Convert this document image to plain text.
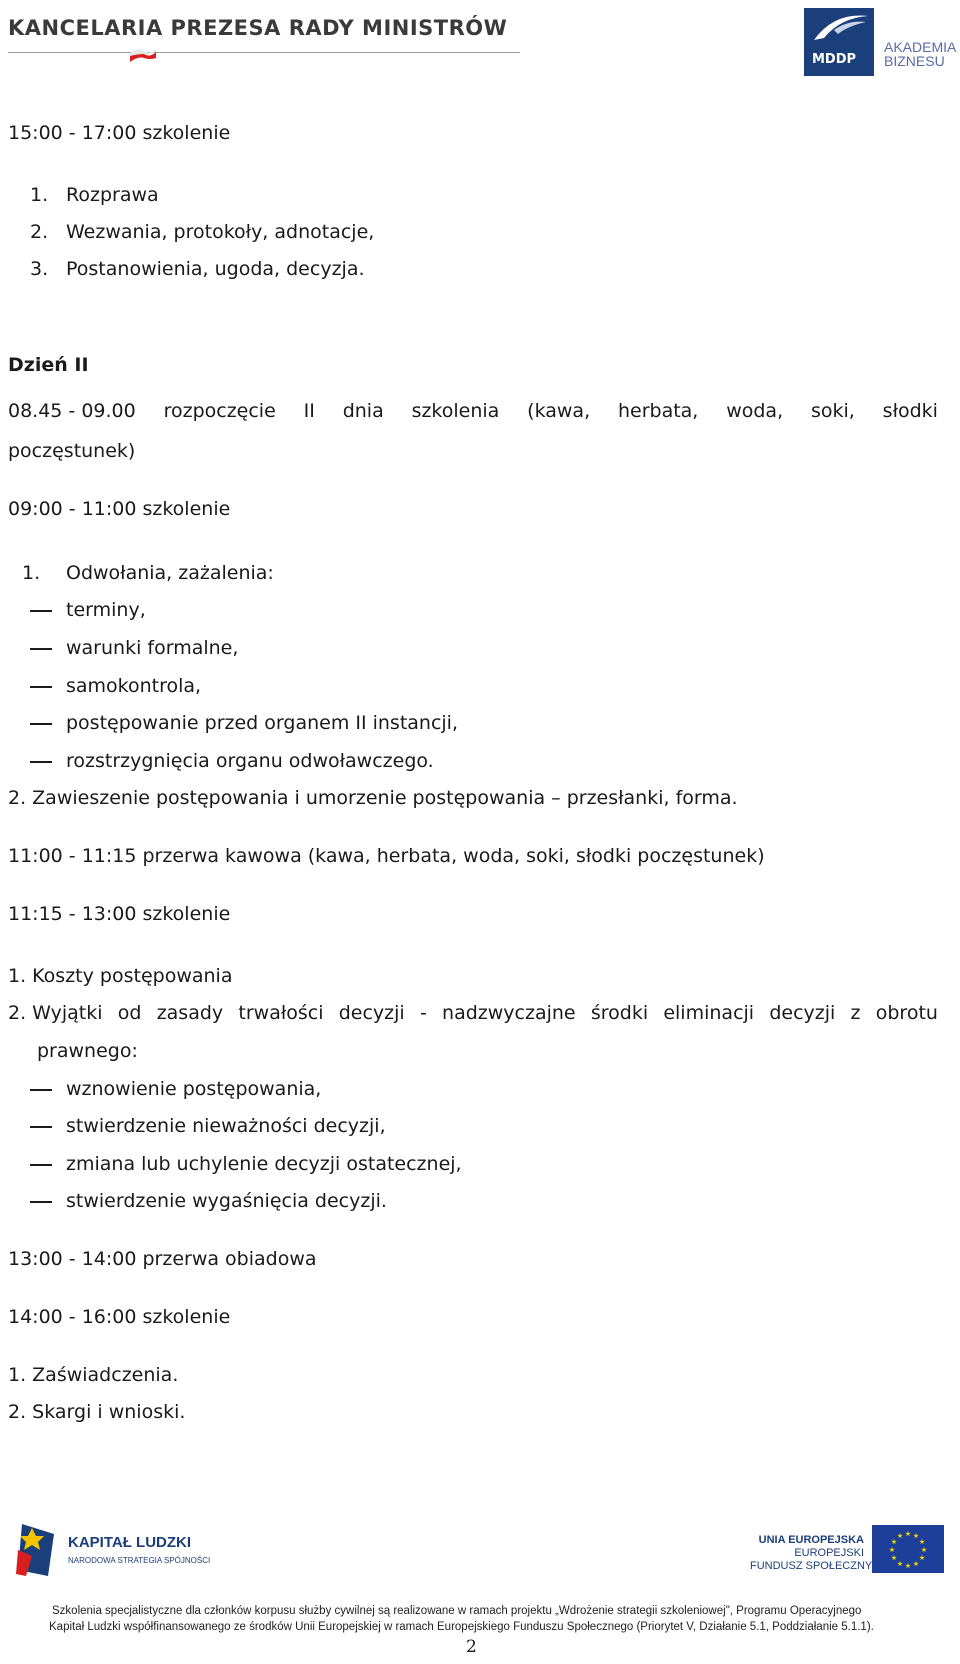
KANCELARIA PREZESA RADY MINISTRÓW
MDDP
AKADEMIA
BIZNESU
15:00 - 17:00 szkolenie
1. Rozprawa
2. Wezwania, protokoły, adnotacje,
3. Postanowienia, ugoda, decyzja.
Dzień II
08.45 - 09.00 rozpoczęcie II dnia szkolenia (kawa, herbata, woda, soki, słodki
poczęstunek)
09:00 - 11:00 szkolenie
1. Odwołania, zażalenia:
terminy,
warunki formalne,
samokontrola,
postępowanie przed organem II instancji,
rozstrzygnięcia organu odwoławczego.
2. Zawieszenie postępowania i umorzenie postępowania – przesłanki, forma.
11:00 - 11:15 przerwa kawowa (kawa, herbata, woda, soki, słodki poczęstunek)
11:15 - 13:00 szkolenie
1. Koszty postępowania
2. Wyjątki od zasady trwałości decyzji - nadzwyczajne środki eliminacji decyzji z obrotu
prawnego:
wznowienie postępowania,
stwierdzenie nieważności decyzji,
zmiana lub uchylenie decyzji ostatecznej,
stwierdzenie wygaśnięcia decyzji.
13:00 - 14:00 przerwa obiadowa
14:00 - 16:00 szkolenie
1. Zaświadczenia.
2. Skargi i wnioski.
KAPITAŁ LUDZKI
NARODOWA STRATEGIA SPÓJNOŚCI
UNIA EUROPEJSKA
EUROPEJSKI
FUNDUSZ SPOŁECZNY
★ ★
★
★
★
★
★
★
★
★
★
★
Szkolenia specjalistyczne dla członków korpusu służby cywilnej są realizowane w ramach projektu „Wdrożenie strategii szkoleniowej", Programu Operacyjnego
Kapitał Ludzki współfinansowanego ze środków Unii Europejskiej w ramach Europejskiego Funduszu Społecznego (Priorytet V, Działanie 5.1, Poddziałanie 5.1.1).
2
